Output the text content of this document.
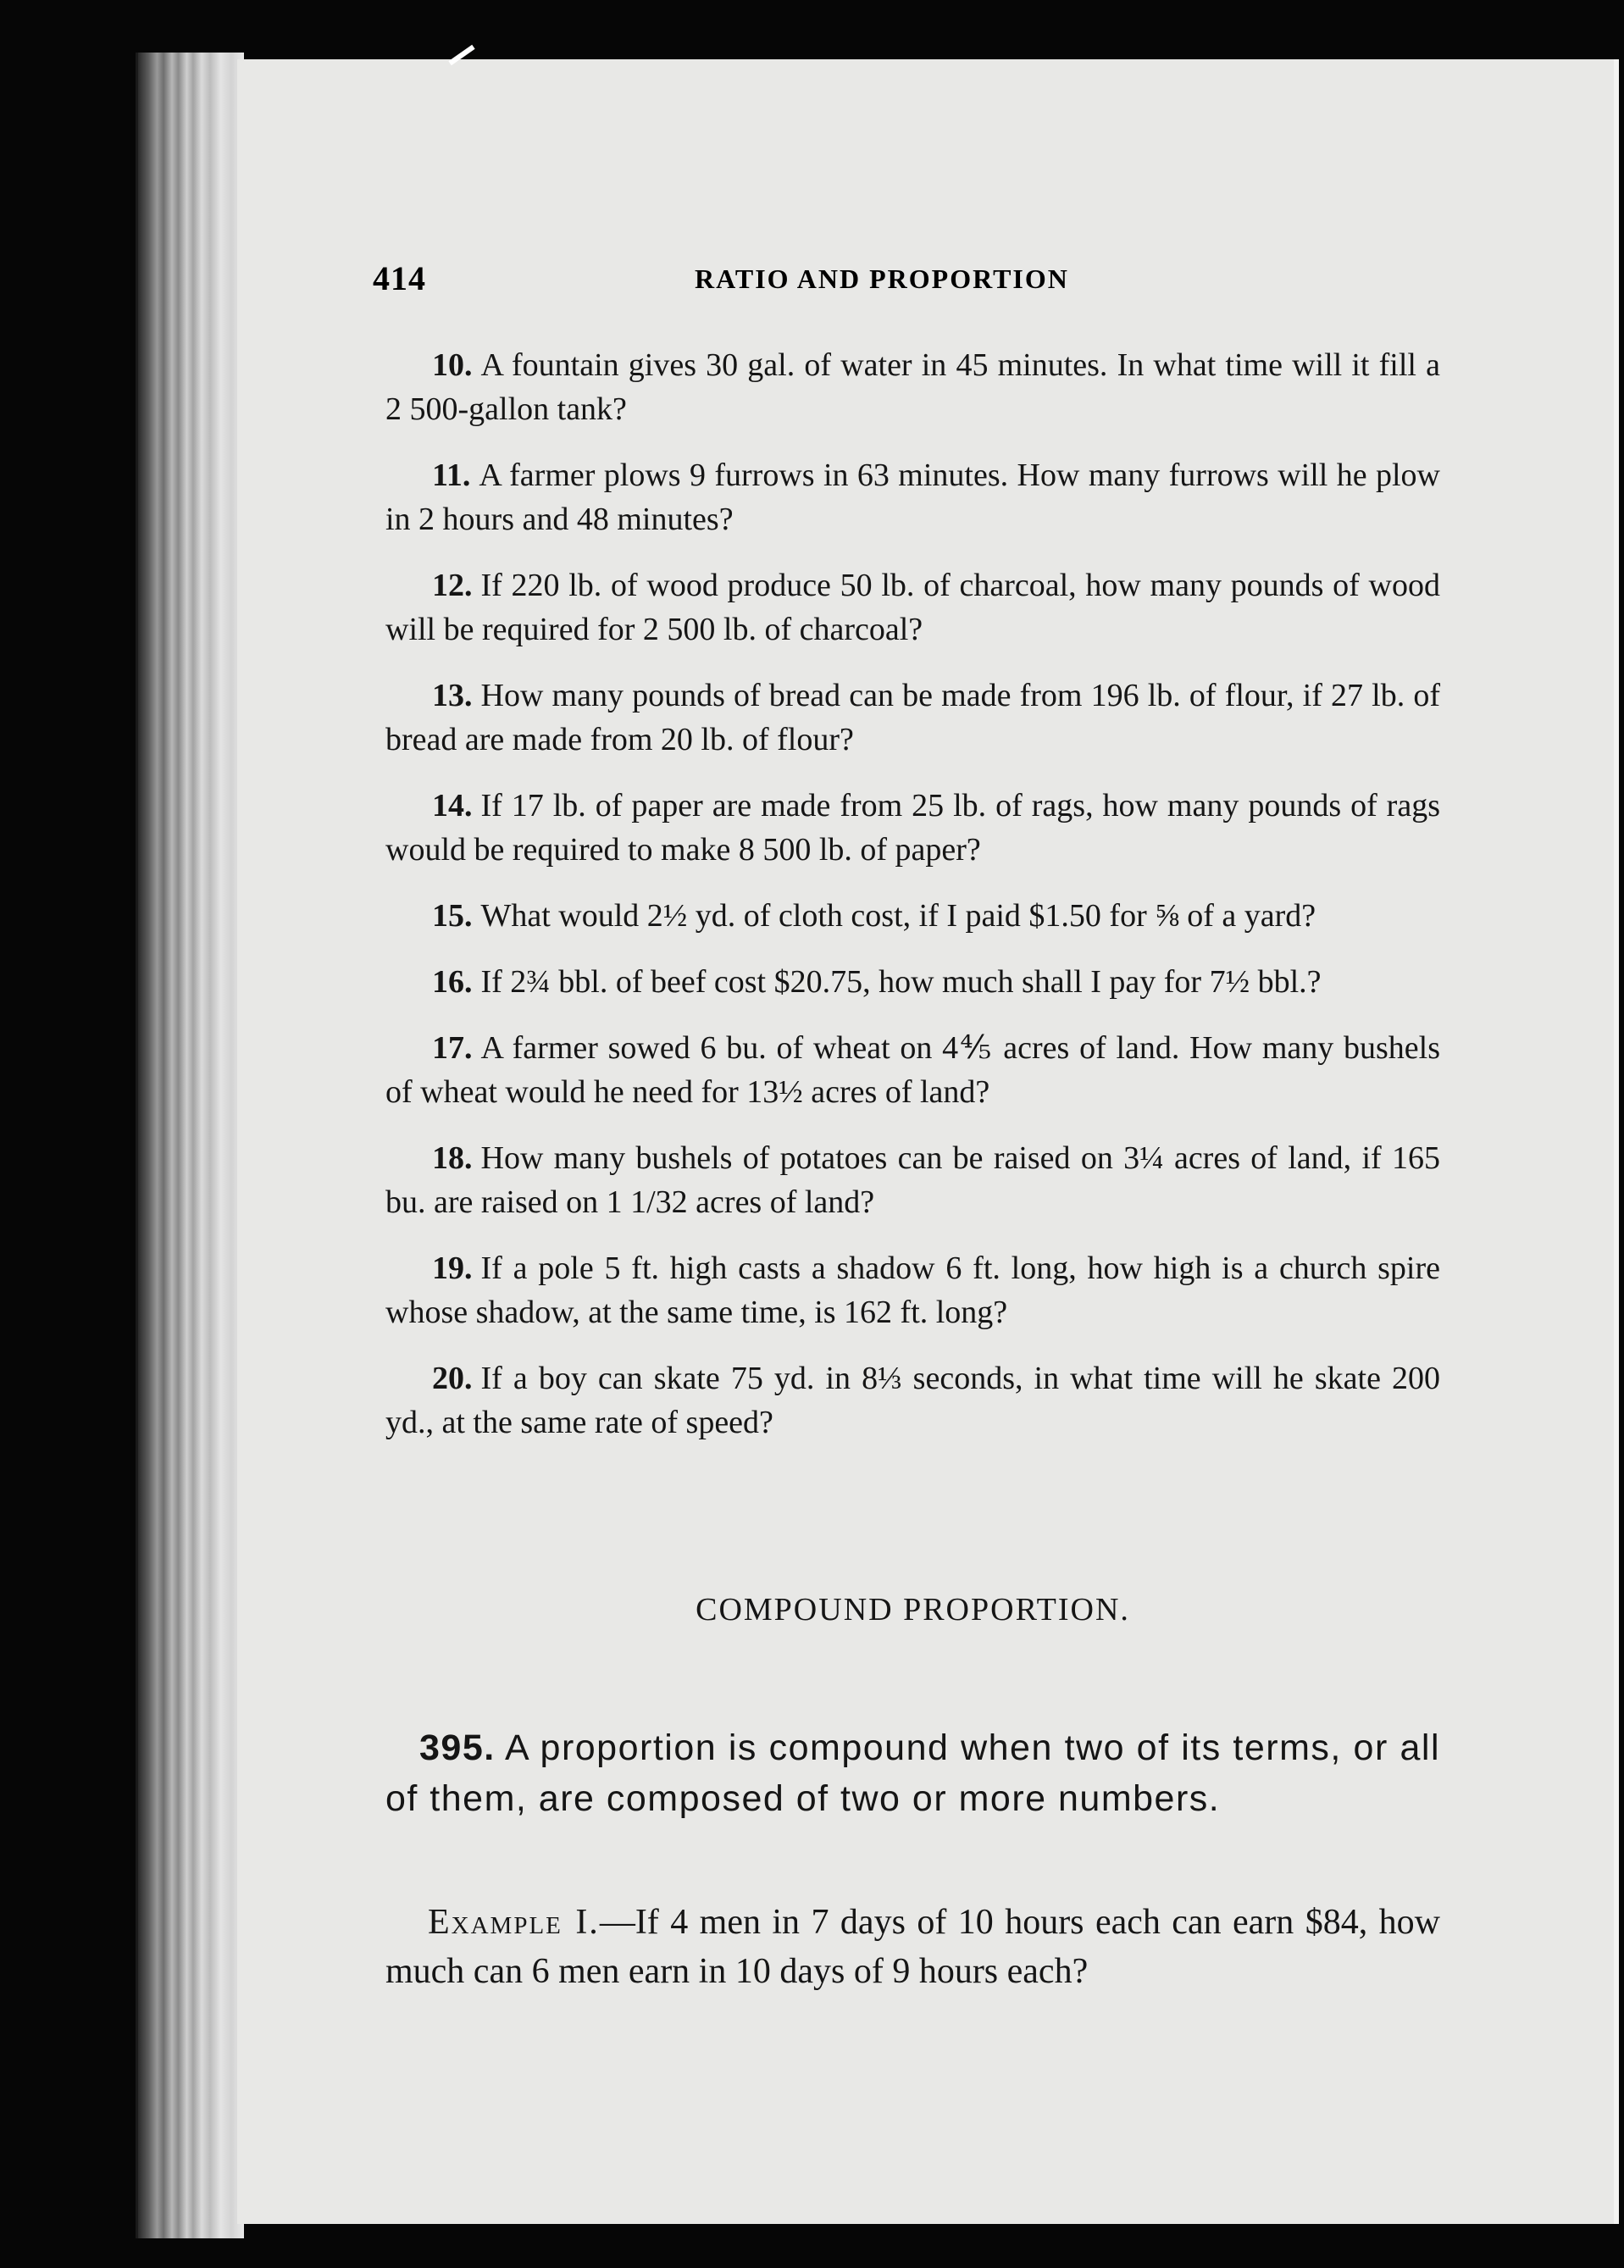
414	RATIO AND PROPORTION

10. A fountain gives 30 gal. of water in 45 minutes. In what time will it fill a 2 500-gallon tank?

11. A farmer plows 9 furrows in 63 minutes. How many furrows will he plow in 2 hours and 48 minutes?

12. If 220 lb. of wood produce 50 lb. of charcoal, how many pounds of wood will be required for 2 500 lb. of charcoal?

13. How many pounds of bread can be made from 196 lb. of flour, if 27 lb. of bread are made from 20 lb. of flour?

14. If 17 lb. of paper are made from 25 lb. of rags, how many pounds of rags would be required to make 8 500 lb. of paper?

15. What would 2½ yd. of cloth cost, if I paid $1.50 for ⅝ of a yard?

16. If 2¾ bbl. of beef cost $20.75, how much shall I pay for 7½ bbl.?

17. A farmer sowed 6 bu. of wheat on 4⅘ acres of land. How many bushels of wheat would he need for 13½ acres of land?

18. How many bushels of potatoes can be raised on 3¼ acres of land, if 165 bu. are raised on 1 1/32 acres of land?

19. If a pole 5 ft. high casts a shadow 6 ft. long, how high is a church spire whose shadow, at the same time, is 162 ft. long?

20. If a boy can skate 75 yd. in 8⅓ seconds, in what time will he skate 200 yd., at the same rate of speed?

COMPOUND PROPORTION.

395. A proportion is compound when two of its terms, or all of them, are composed of two or more numbers.

Example I.—If 4 men in 7 days of 10 hours each can earn $84, how much can 6 men earn in 10 days of 9 hours each?
